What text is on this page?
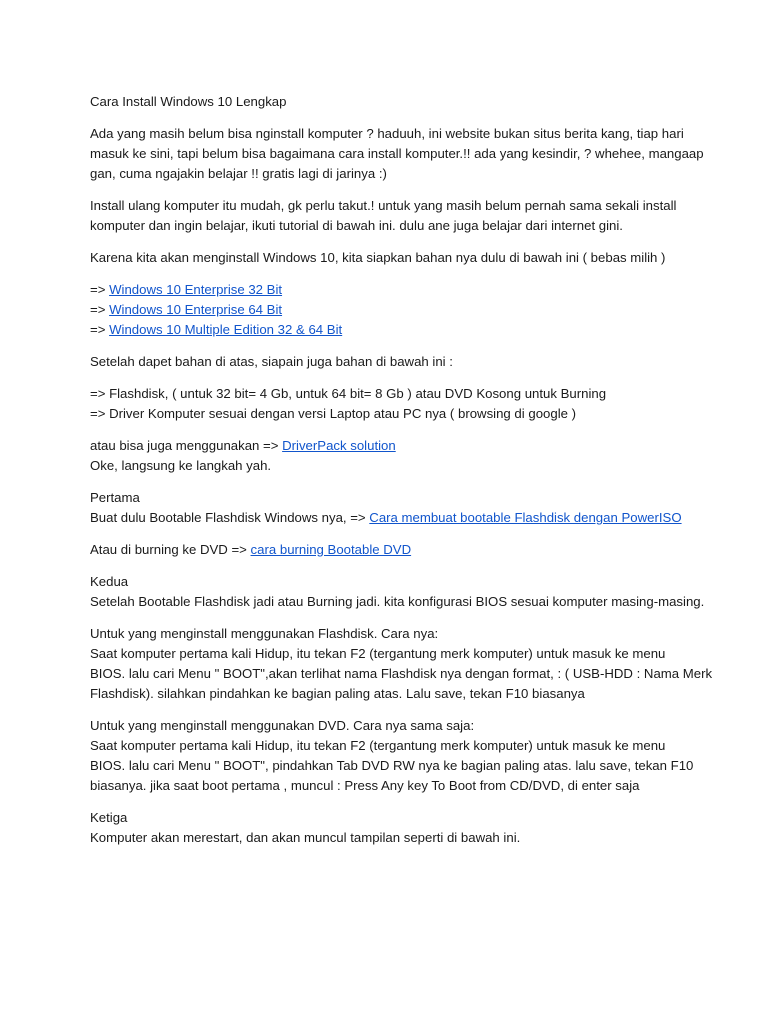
Cara Install Windows 10 Lengkap

Ada yang masih belum bisa nginstall komputer ? haduuh, ini website bukan situs berita kang, tiap hari
masuk ke sini, tapi belum bisa bagaimana cara install komputer.!! ada yang kesindir, ? whehee, mangaap
gan, cuma ngajakin belajar !! gratis lagi di jarinya :)

Install ulang komputer itu mudah, gk perlu takut.! untuk yang masih belum pernah sama sekali install
komputer dan ingin belajar, ikuti tutorial di bawah ini. dulu ane juga belajar dari internet gini.

Karena kita akan menginstall Windows 10, kita siapkan bahan nya dulu di bawah ini ( bebas milih )

=> Windows 10 Enterprise 32 Bit
=> Windows 10 Enterprise 64 Bit
=> Windows 10 Multiple Edition 32 & 64 Bit

Setelah dapet bahan di atas, siapain juga bahan di bawah ini :

=> Flashdisk, ( untuk 32 bit= 4 Gb, untuk 64 bit= 8 Gb ) atau DVD Kosong untuk Burning
=> Driver Komputer sesuai dengan versi Laptop atau PC nya ( browsing di google )

atau bisa juga menggunakan => DriverPack solution
Oke, langsung ke langkah yah.

Pertama
Buat dulu Bootable Flashdisk Windows nya, => Cara membuat bootable Flashdisk dengan PowerISO

Atau di burning ke DVD => cara burning Bootable DVD

Kedua
Setelah Bootable Flashdisk jadi atau Burning jadi. kita konfigurasi BIOS sesuai komputer masing-masing.

Untuk yang menginstall menggunakan Flashdisk. Cara nya:
Saat komputer pertama kali Hidup, itu tekan F2 (tergantung merk komputer) untuk masuk ke menu
BIOS. lalu cari Menu " BOOT",akan terlihat nama Flashdisk nya dengan format, : ( USB-HDD : Nama Merk
Flashdisk). silahkan pindahkan ke bagian paling atas. Lalu save, tekan F10 biasanya

Untuk yang menginstall menggunakan DVD. Cara nya sama saja:
Saat komputer pertama kali Hidup, itu tekan F2 (tergantung merk komputer) untuk masuk ke menu
BIOS. lalu cari Menu " BOOT", pindahkan Tab DVD RW nya ke bagian paling atas. lalu save, tekan F10
biasanya. jika saat boot pertama , muncul : Press Any key To Boot from CD/DVD, di enter saja

Ketiga
Komputer akan merestart, dan akan muncul tampilan seperti di bawah ini.
